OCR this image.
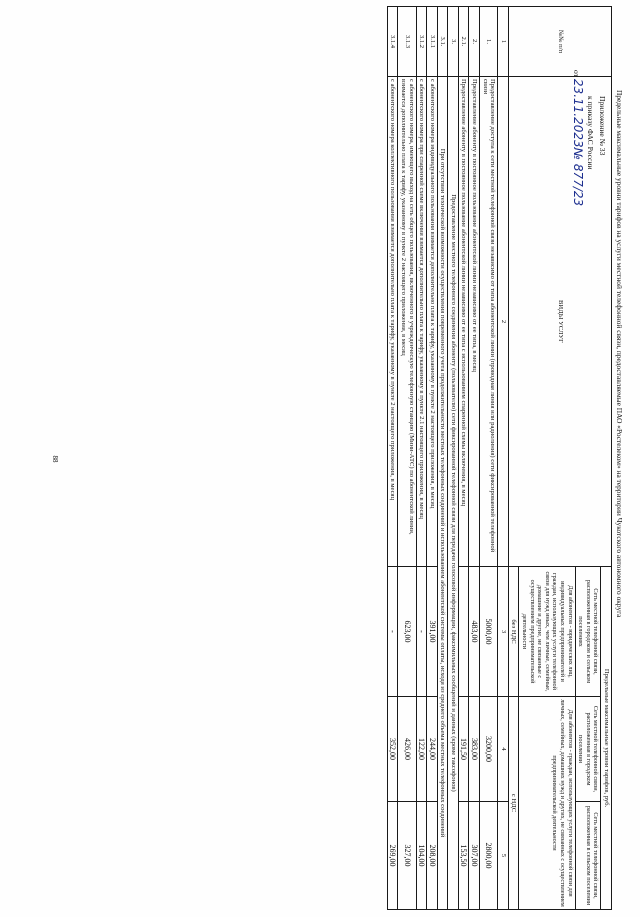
88	Предельные максимальные уровни тарифов на услуги местной телефонной связи, предоставляемые ПАО «Ростелеком» на территории Чукотского автономного округа
№№ п/п	ВИДЫ УСЛУГ	Предельные максимальные уровни тарифов, руб.		
		Сеть местной телефонной связи, расположенная в городском и сельском поселениях	Сеть местной телефонной связи, расположенная в городском поселении	Сеть местной телефонной связи, расположенная в сельском поселении
		Для абонентов - юридических лиц, индивидуальных предпринимателей и граждан, использующих услуги телефонной связи для нужд иных, чем личные, семейные, домашние и другие, не связанные с осуществлением предпринимательской деятельности	Для абонентов - граждан, использующих услуги телефонной связи для личных, семейных, домашних нужд и других, не связанных с осуществлением предпринимательской деятельности	
		без НДС	с НДС	
1	2	3	4	5
1.	Предоставление доступа к сети местной телефонной связи независимо от типа абонентской линии (проводная линия или радиолиния) сети фиксированной телефонной связи	5000,00	3200,00	2800,00
2.	Предоставление абоненту в постоянное пользование абонентской линии независимо от ее типа, в месяц	483,00	383,00	307,00
2.1.	Предоставление абоненту в постоянное пользование абонентской линии независимо от ее типа с использованием спаренной схемы включения, в месяц		191,50	153,50
3.	Предоставление местного телефонного соединения абоненту (пользователю) сети фиксированной телефонной связи для передачи голосовой информации, факсимильных сообщений и данных (кроме таксофонов)			
3.1.	При отсутствии технической возможности осуществления повременного учета продолжительности местных телефонных соединений и использованием абонентской системы оплаты, исходя из среднего объема местных телефонных соединений			
3.1.1	с абонентского номера индивидуального пользования взимается дополнительно плата к тарифу, указанному в пункте 2 настоящего приложения, в месяц	391,00	244,00	208,00
3.1.2	с абонентского номера при спаренной схеме включения взимается дополнительно плата к тарифу, указанному в пункте 2.1 настоящего приложения, в месяц	-	122,00	104,00
3.1.3	с абонентского номера, имеющего выход на сеть общего пользования, включенного в учрежденческую телефонную станцию (Мини-АТС) по абонентской линии, взимается дополнительно плата к тарифу, указанному в пункте 2 настоящего приложения, в месяц	623,00	426,00	327,00
3.1.4	с абонентского номера коллективного пользования взимается дополнительно плата к тарифу, указанному в пункте 2 настоящего приложения, в месяц	-	352,00	269,00
Приложение № 33
к приказу ФАС России
от 23.11.2023№ 877/23
